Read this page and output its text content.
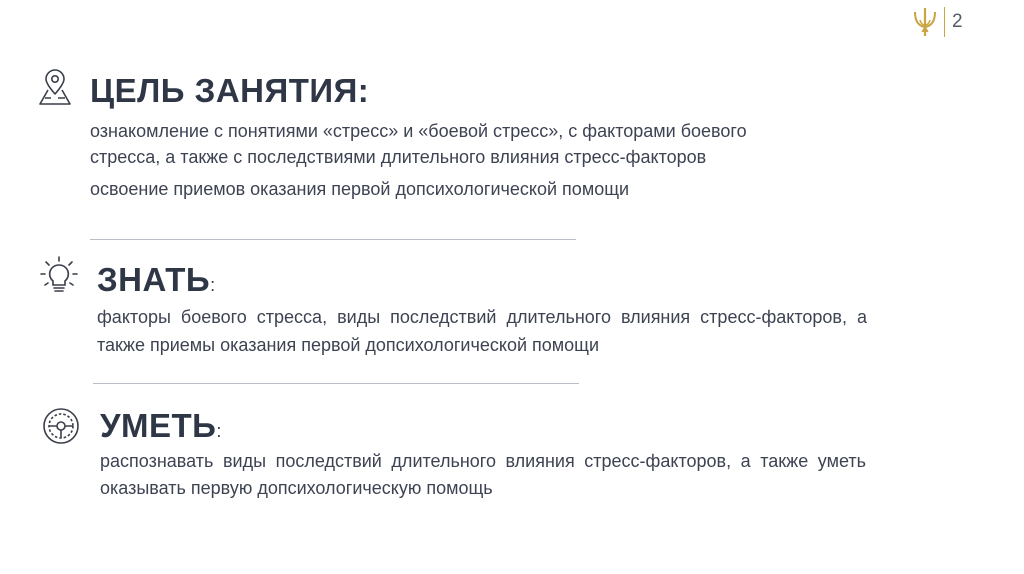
2
ЦЕЛЬ ЗАНЯТИЯ:
ознакомление с понятиями «стресс» и «боевой стресс», с факторами боевого
стресса, а также с последствиями длительного влияния стресс-факторов
освоение приемов оказания первой допсихологической помощи
ЗНАТЬ:
факторы боевого стресса, виды последствий длительного влияния стресс-факторов, а также приемы оказания первой допсихологической помощи
УМЕТЬ:
распознавать виды последствий длительного влияния стресс-факторов, а также уметь оказывать первую допсихологическую помощь
